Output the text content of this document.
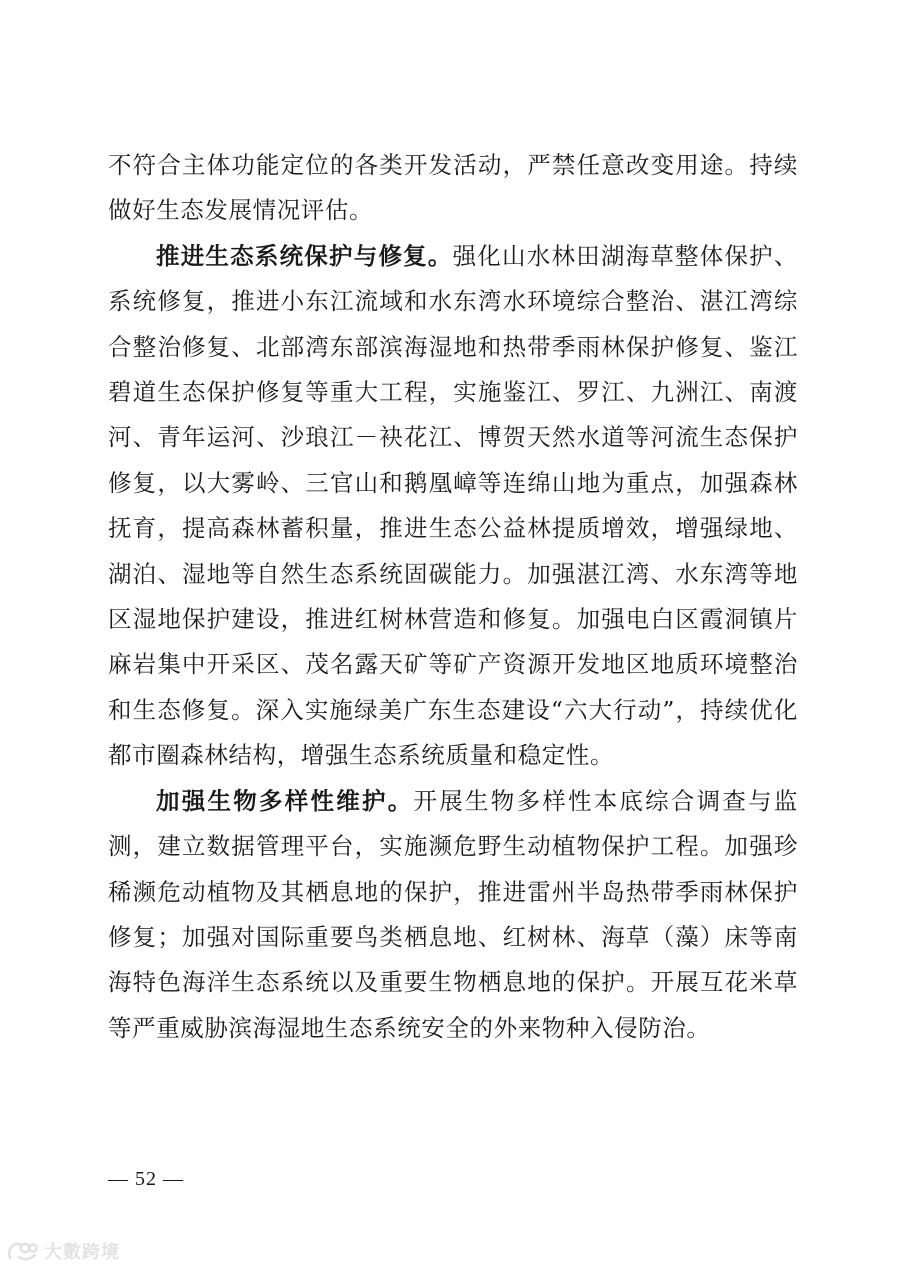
不符合主体功能定位的各类开发活动，严禁任意改变用途。持续做好生态发展情况评估。

推进生态系统保护与修复。强化山水林田湖海草整体保护、系统修复，推进小东江流域和水东湾水环境综合整治、湛江湾综合整治修复、北部湾东部滨海湿地和热带季雨林保护修复、鉴江碧道生态保护修复等重大工程，实施鉴江、罗江、九洲江、南渡河、青年运河、沙琅江－袂花江、博贺天然水道等河流生态保护修复，以大雾岭、三官山和鹅凰嶂等连绵山地为重点，加强森林抚育，提高森林蓄积量，推进生态公益林提质增效，增强绿地、湖泊、湿地等自然生态系统固碳能力。加强湛江湾、水东湾等地区湿地保护建设，推进红树林营造和修复。加强电白区霞洞镇片麻岩集中开采区、茂名露天矿等矿产资源开发地区地质环境整治和生态修复。深入实施绿美广东生态建设“六大行动”，持续优化都市圈森林结构，增强生态系统质量和稳定性。

加强生物多样性维护。开展生物多样性本底综合调查与监测，建立数据管理平台，实施濒危野生动植物保护工程。加强珍稀濒危动植物及其栖息地的保护，推进雷州半岛热带季雨林保护修复；加强对国际重要鸟类栖息地、红树林、海草（藻）床等南海特色海洋生态系统以及重要生物栖息地的保护。开展互花米草等严重威胁滨海湿地生态系统安全的外来物种入侵防治。

— 52 —
大數跨境
